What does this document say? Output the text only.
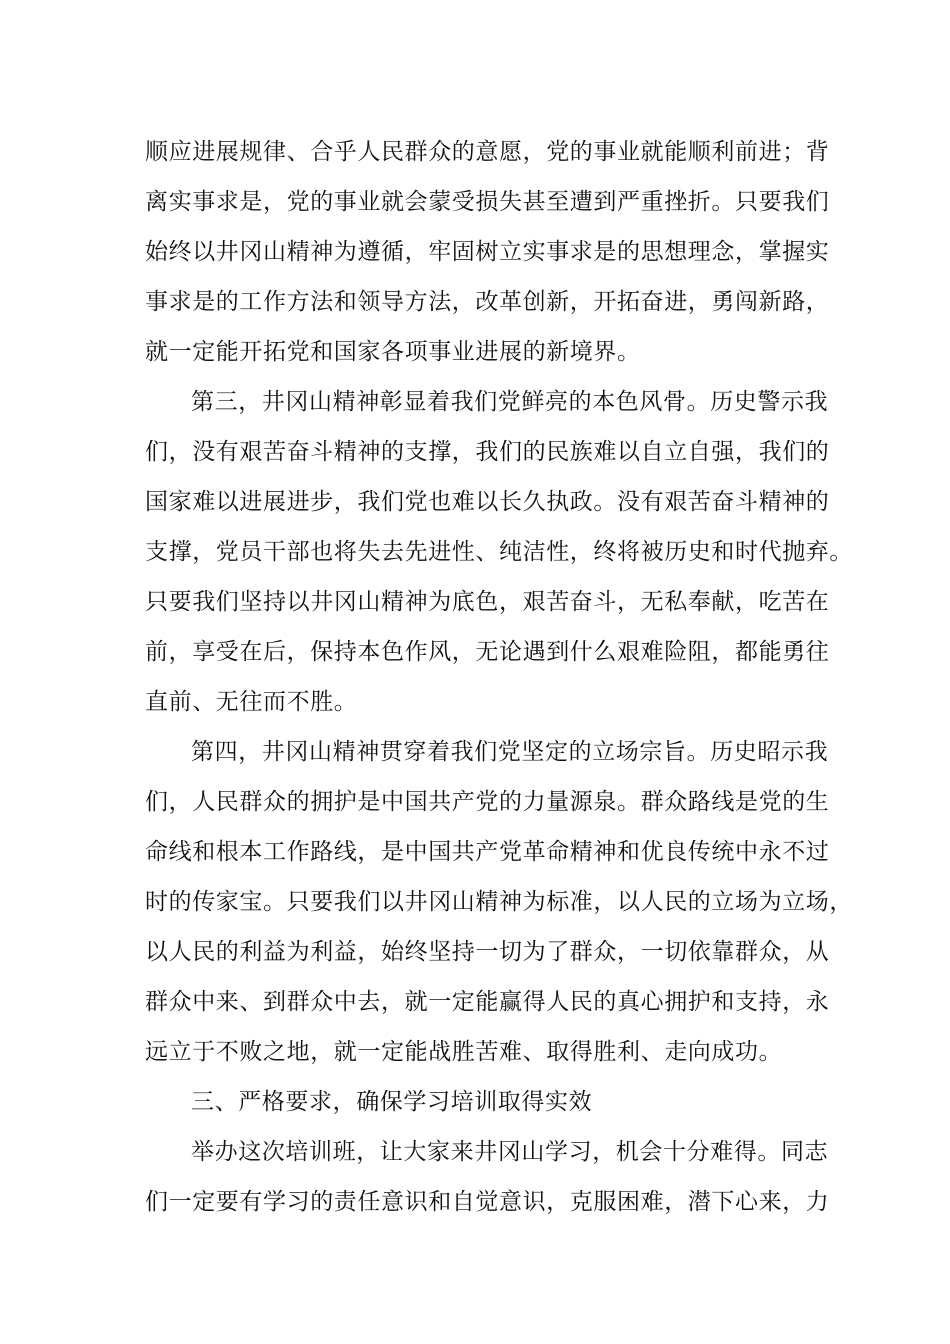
顺应进展规律、合乎人民群众的意愿，党的事业就能顺利前进；背
离实事求是，党的事业就会蒙受损失甚至遭到严重挫折。只要我们
始终以井冈山精神为遵循，牢固树立实事求是的思想理念，掌握实
事求是的工作方法和领导方法，改革创新，开拓奋进，勇闯新路，
就一定能开拓党和国家各项事业进展的新境界。
第三，井冈山精神彰显着我们党鲜亮的本色风骨。历史警示我
们，没有艰苦奋斗精神的支撑，我们的民族难以自立自强，我们的
国家难以进展进步，我们党也难以长久执政。没有艰苦奋斗精神的
支撑，党员干部也将失去先进性、纯洁性，终将被历史和时代抛弃。
只要我们坚持以井冈山精神为底色，艰苦奋斗，无私奉献，吃苦在
前，享受在后，保持本色作风，无论遇到什么艰难险阻，都能勇往
直前、无往而不胜。
第四，井冈山精神贯穿着我们党坚定的立场宗旨。历史昭示我
们，人民群众的拥护是中国共产党的力量源泉。群众路线是党的生
命线和根本工作路线，是中国共产党革命精神和优良传统中永不过
时的传家宝。只要我们以井冈山精神为标准，以人民的立场为立场，
以人民的利益为利益，始终坚持一切为了群众，一切依靠群众，从
群众中来、到群众中去，就一定能赢得人民的真心拥护和支持，永
远立于不败之地，就一定能战胜苦难、取得胜利、走向成功。
三、严格要求，确保学习培训取得实效
举办这次培训班，让大家来井冈山学习，机会十分难得。同志
们一定要有学习的责任意识和自觉意识，克服困难，潜下心来，力
